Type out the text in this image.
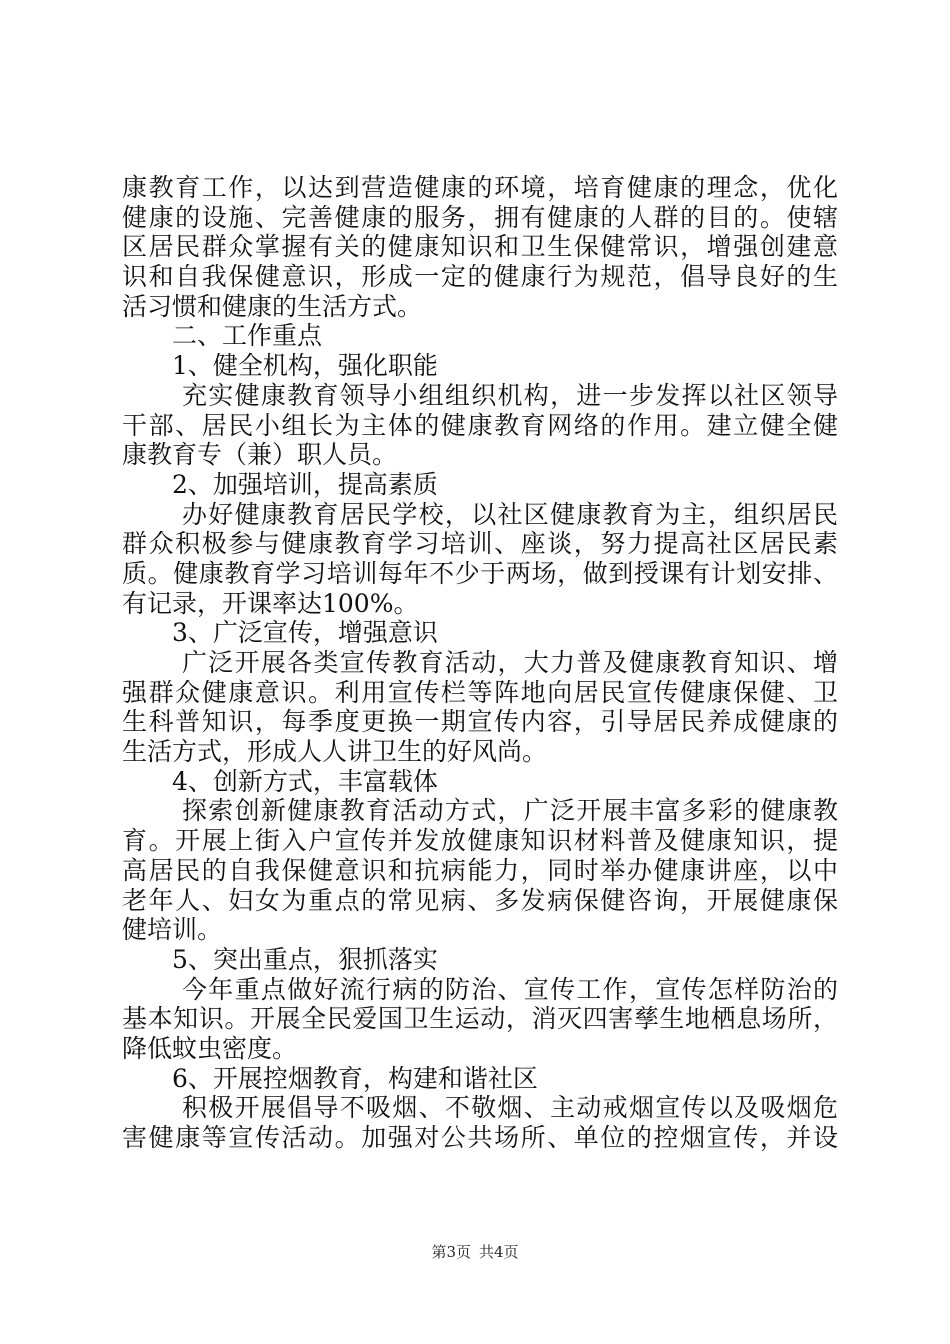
康教育工作，以达到营造健康的环境，培育健康的理念，优化
健康的设施、完善健康的服务，拥有健康的人群的目的。使辖
区居民群众掌握有关的健康知识和卫生保健常识，增强创建意
识和自我保健意识，形成一定的健康行为规范，倡导良好的生
活习惯和健康的生活方式。
二、工作重点
1、健全机构，强化职能
充实健康教育领导小组组织机构，进一步发挥以社区领导
干部、居民小组长为主体的健康教育网络的作用。建立健全健
康教育专（兼）职人员。
2、加强培训，提高素质
办好健康教育居民学校，以社区健康教育为主，组织居民
群众积极参与健康教育学习培训、座谈，努力提高社区居民素
质。健康教育学习培训每年不少于两场，做到授课有计划安排、
有记录，开课率达100%。
3、广泛宣传，增强意识
广泛开展各类宣传教育活动，大力普及健康教育知识、增
强群众健康意识。利用宣传栏等阵地向居民宣传健康保健、卫
生科普知识，每季度更换一期宣传内容，引导居民养成健康的
生活方式，形成人人讲卫生的好风尚。
4、创新方式，丰富载体
探索创新健康教育活动方式，广泛开展丰富多彩的健康教
育。开展上街入户宣传并发放健康知识材料普及健康知识，提
高居民的自我保健意识和抗病能力，同时举办健康讲座，以中
老年人、妇女为重点的常见病、多发病保健咨询，开展健康保
健培训。
5、突出重点，狠抓落实
今年重点做好流行病的防治、宣传工作，宣传怎样防治的
基本知识。开展全民爱国卫生运动，消灭四害孳生地栖息场所，
降低蚊虫密度。
6、开展控烟教育，构建和谐社区
积极开展倡导不吸烟、不敬烟、主动戒烟宣传以及吸烟危
害健康等宣传活动。加强对公共场所、单位的控烟宣传，并设
第3页 共4页
